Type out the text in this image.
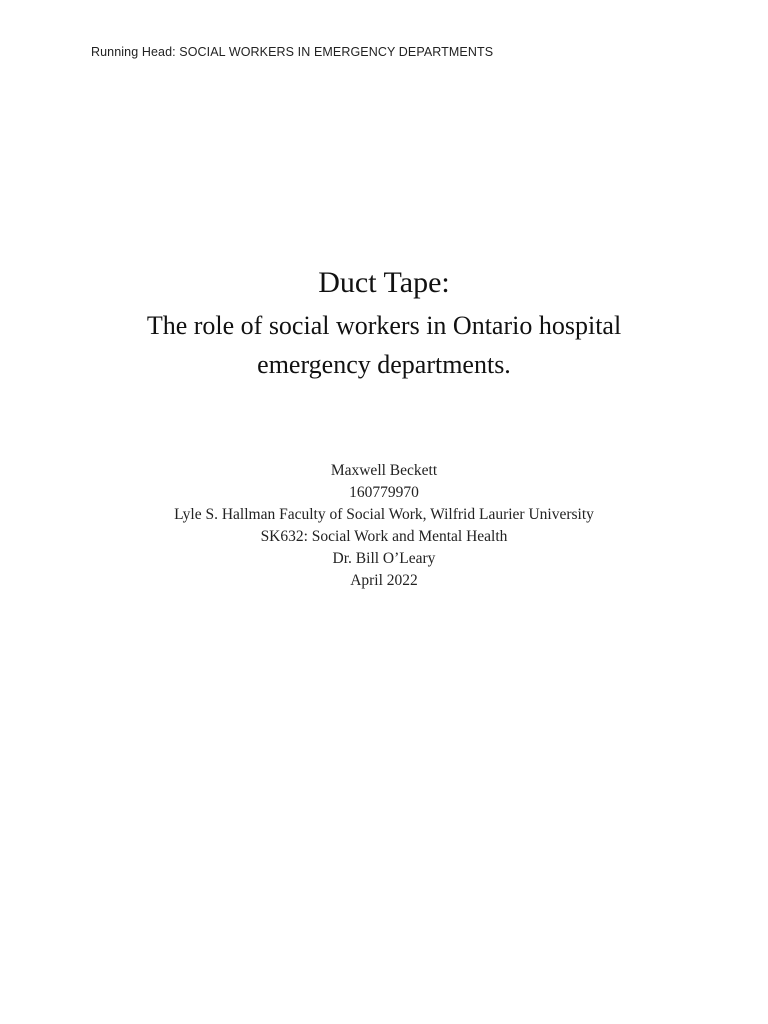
Running Head: SOCIAL WORKERS IN EMERGENCY DEPARTMENTS
Duct Tape:
The role of social workers in Ontario hospital
emergency departments.
Maxwell Beckett
160779970
Lyle S. Hallman Faculty of Social Work, Wilfrid Laurier University
SK632: Social Work and Mental Health
Dr. Bill O’Leary
April 2022
